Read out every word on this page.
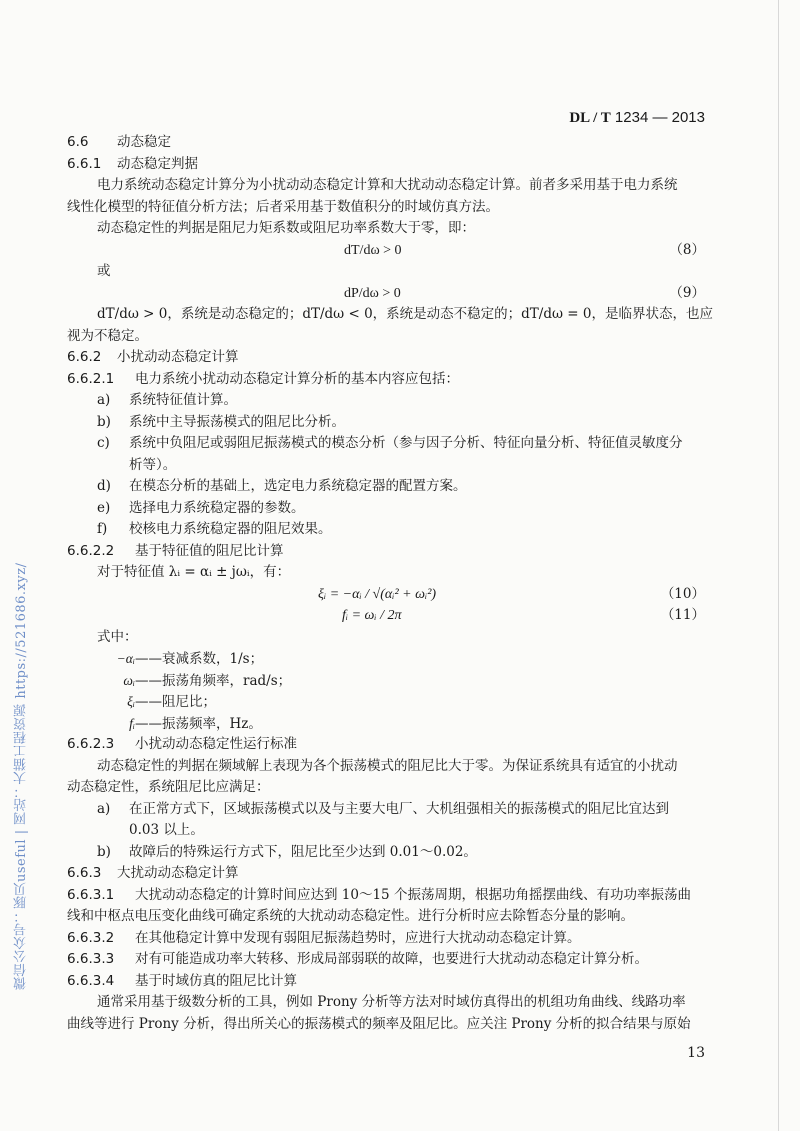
微信公众号：豚贝useful | 网站：大猫工程资源 https://521686.xyz/
DL / T 1234 — 2013
6.6 动态稳定
6.6.1 动态稳定判据
电力系统动态稳定计算分为小扰动动态稳定计算和大扰动动态稳定计算。前者多采用基于电力系统
线性化模型的特征值分析方法；后者采用基于数值积分的时域仿真方法。
动态稳定性的判据是阻尼力矩系数或阻尼功率系数大于零，即：
dT/dω > 0	（8）
或
dP/dω > 0	（9）
dT/dω > 0，系统是动态稳定的；dT/dω < 0，系统是动态不稳定的；dT/dω = 0，是临界状态，也应
视为不稳定。
6.6.2 小扰动动态稳定计算
6.6.2.1 电力系统小扰动动态稳定计算分析的基本内容应包括：
a) 系统特征值计算。
b) 系统中主导振荡模式的阻尼比分析。
c) 系统中负阻尼或弱阻尼振荡模式的模态分析（参与因子分析、特征向量分析、特征值灵敏度分
析等）。
d) 在模态分析的基础上，选定电力系统稳定器的配置方案。
e) 选择电力系统稳定器的参数。
f) 校核电力系统稳定器的阻尼效果。
6.6.2.2 基于特征值的阻尼比计算
对于特征值 λᵢ = αᵢ ± jωᵢ，有：
ξᵢ = −αᵢ / √(αᵢ² + ωᵢ²)	（10）
fᵢ = ωᵢ / 2π	（11）
式中：
−αᵢ——衰减系数，1/s；
ωᵢ——振荡角频率，rad/s；
ξᵢ——阻尼比；
fᵢ——振荡频率，Hz。
6.6.2.3 小扰动动态稳定性运行标准
动态稳定性的判据在频域解上表现为各个振荡模式的阻尼比大于零。为保证系统具有适宜的小扰动
动态稳定性，系统阻尼比应满足：
a) 在正常方式下，区域振荡模式以及与主要大电厂、大机组强相关的振荡模式的阻尼比宜达到
0.03 以上。
b) 故障后的特殊运行方式下，阻尼比至少达到 0.01～0.02。
6.6.3 大扰动动态稳定计算
6.6.3.1 大扰动动态稳定的计算时间应达到 10～15 个振荡周期，根据功角摇摆曲线、有功功率振荡曲
线和中枢点电压变化曲线可确定系统的大扰动动态稳定性。进行分析时应去除暂态分量的影响。
6.6.3.2 在其他稳定计算中发现有弱阻尼振荡趋势时，应进行大扰动动态稳定计算。
6.6.3.3 对有可能造成功率大转移、形成局部弱联的故障，也要进行大扰动动态稳定计算分析。
6.6.3.4 基于时域仿真的阻尼比计算
通常采用基于级数分析的工具，例如 Prony 分析等方法对时域仿真得出的机组功角曲线、线路功率
曲线等进行 Prony 分析，得出所关心的振荡模式的频率及阻尼比。应关注 Prony 分析的拟合结果与原始
13
